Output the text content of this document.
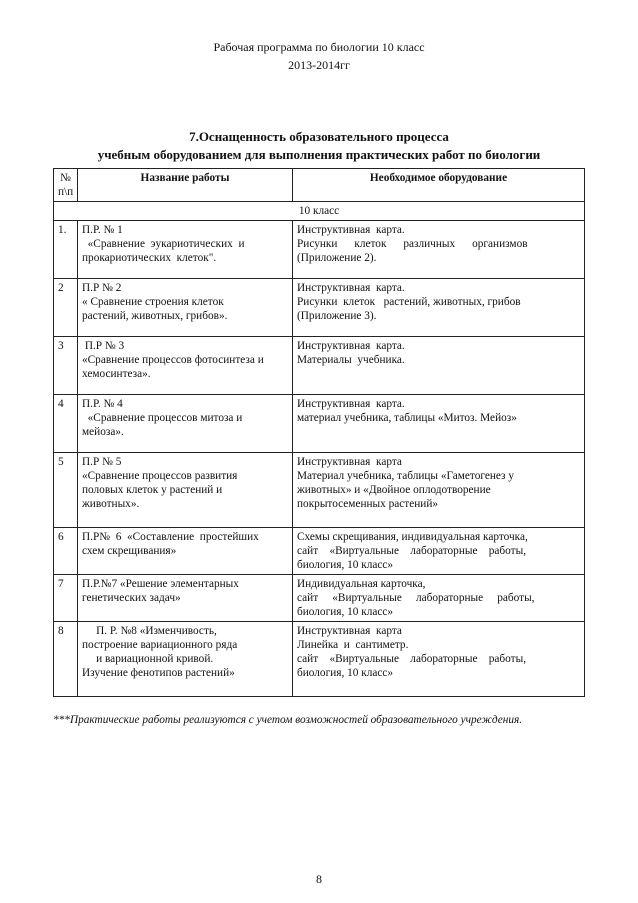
Рабочая программа по биологии 10 класс
2013-2014гг
7.Оснащенность образовательного процесса
учебным оборудованием для выполнения практических работ по биологии
№
п\п	Название работы	Необходимое оборудование
10 класс		
1.	П.Р. № 1
«Сравнение  эукариотических  и
прокариотических  клеток".	Инструктивная  карта.
Рисунки      клеток      различных      организмов
(Приложение 2).

2	П.Р № 2
« Сравнение строения клеток
растений, животных, грибов».	Инструктивная  карта.
Рисунки  клеток   растений, животных, грибов
(Приложение 3).

3	П.Р № 3
«Сравнение процессов фотосинтеза и
хемосинтеза».	Инструктивная  карта.
Материалы  учебника.

4	П.Р. № 4
«Сравнение процессов митоза и
мейоза».	Инструктивная  карта.
материал учебника, таблицы «Митоз. Мейоз»

5	П.Р № 5
«Сравнение процессов развития
половых клеток у растений и
животных».	Инструктивная  карта
Материал учебника, таблицы «Гаметогенез у
животных» и «Двойное оплодотворение
покрытосеменных растений»

6	П.Р№  6  «Составление  простейших
схем скрещивания»	Схемы скрещивания, индивидуальная карточка,
сайт    «Виртуальные    лабораторные    работы,
биология, 10 класс»

7	П.Р.№7 «Решение элементарных
генетических задач»	Индивидуальная карточка,
сайт     «Виртуальные     лабораторные     работы,
биология, 10 класс»

8	П. Р. №8 «Изменчивость,
построение вариационного ряда
и вариационной кривой.
Изучение фенотипов растений»	Инструктивная  карта
Линейка  и  сантиметр.
сайт    «Виртуальные    лабораторные    работы,
биология, 10 класс»
***Практические работы реализуются с учетом возможностей образовательного учреждения.
8
